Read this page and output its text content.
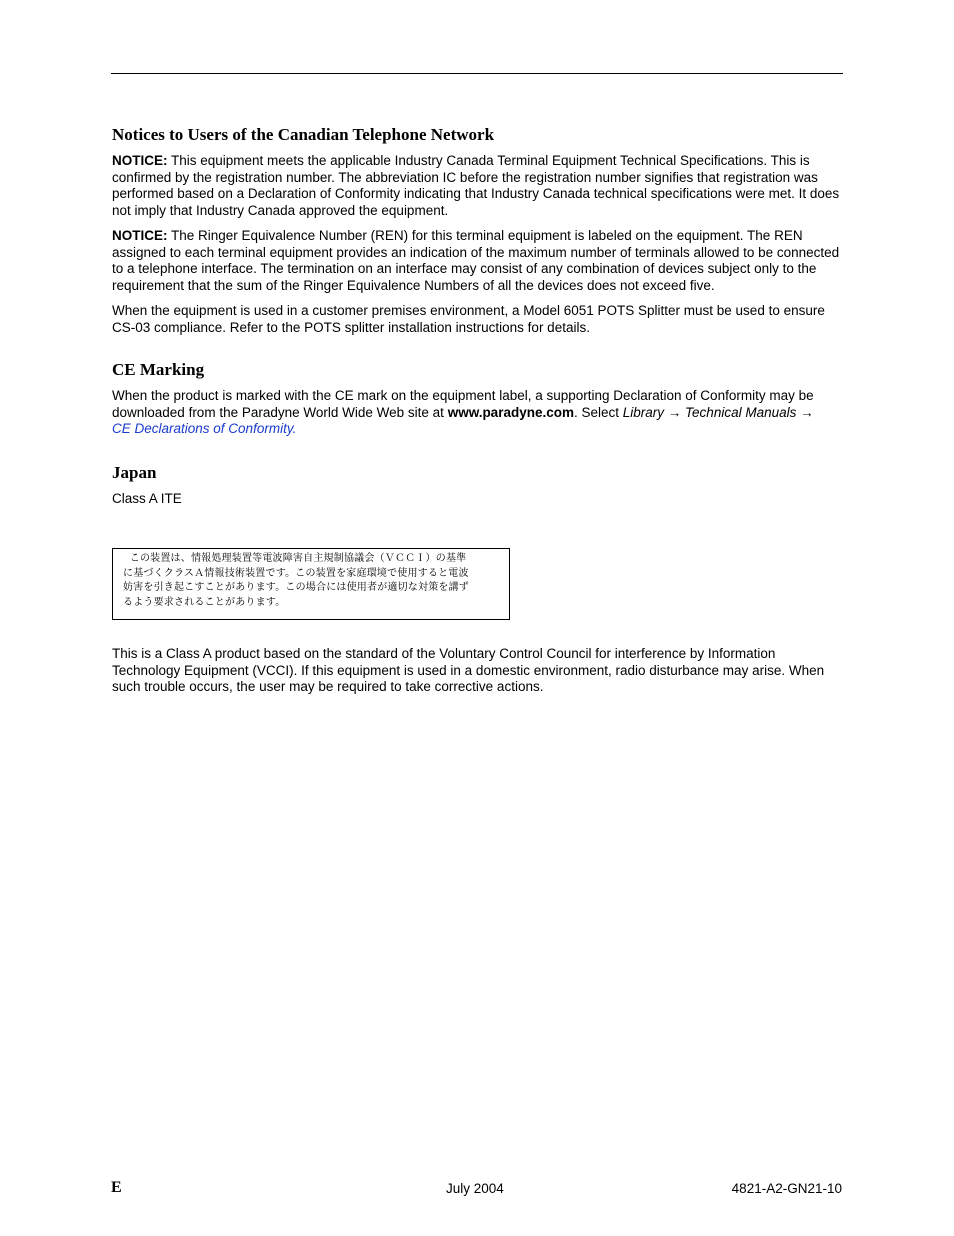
Notices to Users of the Canadian Telephone Network

NOTICE: This equipment meets the applicable Industry Canada Terminal Equipment Technical Specifications. This is confirmed by the registration number. The abbreviation IC before the registration number signifies that registration was performed based on a Declaration of Conformity indicating that Industry Canada technical specifications were met. It does not imply that Industry Canada approved the equipment.

NOTICE: The Ringer Equivalence Number (REN) for this terminal equipment is labeled on the equipment. The REN assigned to each terminal equipment provides an indication of the maximum number of terminals allowed to be connected to a telephone interface. The termination on an interface may consist of any combination of devices subject only to the requirement that the sum of the Ringer Equivalence Numbers of all the devices does not exceed five.

When the equipment is used in a customer premises environment, a Model 6051 POTS Splitter must be used to ensure CS-03 compliance. Refer to the POTS splitter installation instructions for details.

CE Marking

When the product is marked with the CE mark on the equipment label, a supporting Declaration of Conformity may be downloaded from the Paradyne World Wide Web site at www.paradyne.com. Select Library → Technical Manuals →
CE Declarations of Conformity.

Japan

Class A ITE

この装置は、情報処理装置等電波障害自主規制協議会（ＶＣＣＩ）の基準
に基づくクラスＡ情報技術装置です。この装置を家庭環境で使用すると電波
妨害を引き起こすことがあります。この場合には使用者が適切な対策を講ず
るよう要求されることがあります。

This is a Class A product based on the standard of the Voluntary Control Council for interference by Information Technology Equipment (VCCI). If this equipment is used in a domestic environment, radio disturbance may arise. When such trouble occurs, the user may be required to take corrective actions.

E	July 2004	4821-A2-GN21-10
